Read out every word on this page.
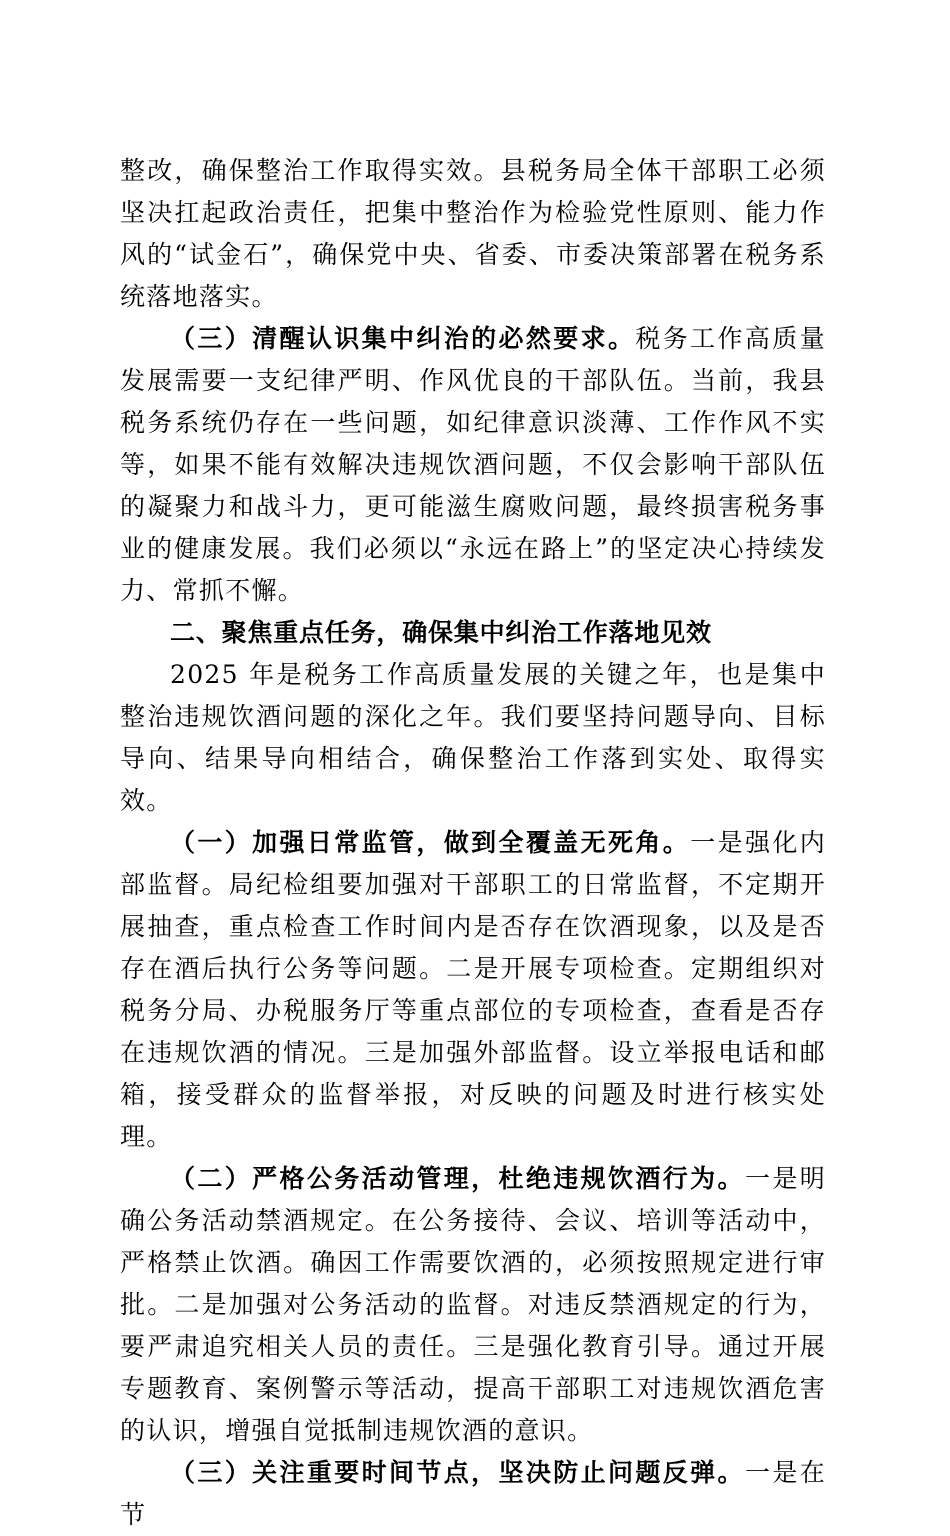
整改，确保整治工作取得实效。县税务局全体干部职工必须坚决扛起政治责任，把集中整治作为检验党性原则、能力作风的“试金石”，确保党中央、省委、市委决策部署在税务系统落地落实。

（三）清醒认识集中纠治的必然要求。税务工作高质量发展需要一支纪律严明、作风优良的干部队伍。当前，我县税务系统仍存在一些问题，如纪律意识淡薄、工作作风不实等，如果不能有效解决违规饮酒问题，不仅会影响干部队伍的凝聚力和战斗力，更可能滋生腐败问题，最终损害税务事业的健康发展。我们必须以“永远在路上”的坚定决心持续发力、常抓不懈。

二、聚焦重点任务，确保集中纠治工作落地见效

2025 年是税务工作高质量发展的关键之年，也是集中整治违规饮酒问题的深化之年。我们要坚持问题导向、目标导向、结果导向相结合，确保整治工作落到实处、取得实效。

（一）加强日常监管，做到全覆盖无死角。一是强化内部监督。局纪检组要加强对干部职工的日常监督，不定期开展抽查，重点检查工作时间内是否存在饮酒现象，以及是否存在酒后执行公务等问题。二是开展专项检查。定期组织对税务分局、办税服务厅等重点部位的专项检查，查看是否存在违规饮酒的情况。三是加强外部监督。设立举报电话和邮箱，接受群众的监督举报，对反映的问题及时进行核实处理。

（二）严格公务活动管理，杜绝违规饮酒行为。一是明确公务活动禁酒规定。在公务接待、会议、培训等活动中，严格禁止饮酒。确因工作需要饮酒的，必须按照规定进行审批。二是加强对公务活动的监督。对违反禁酒规定的行为，要严肃追究相关人员的责任。三是强化教育引导。通过开展专题教育、案例警示等活动，提高干部职工对违规饮酒危害的认识，增强自觉抵制违规饮酒的意识。

（三）关注重要时间节点，坚决防止问题反弹。一是在节
